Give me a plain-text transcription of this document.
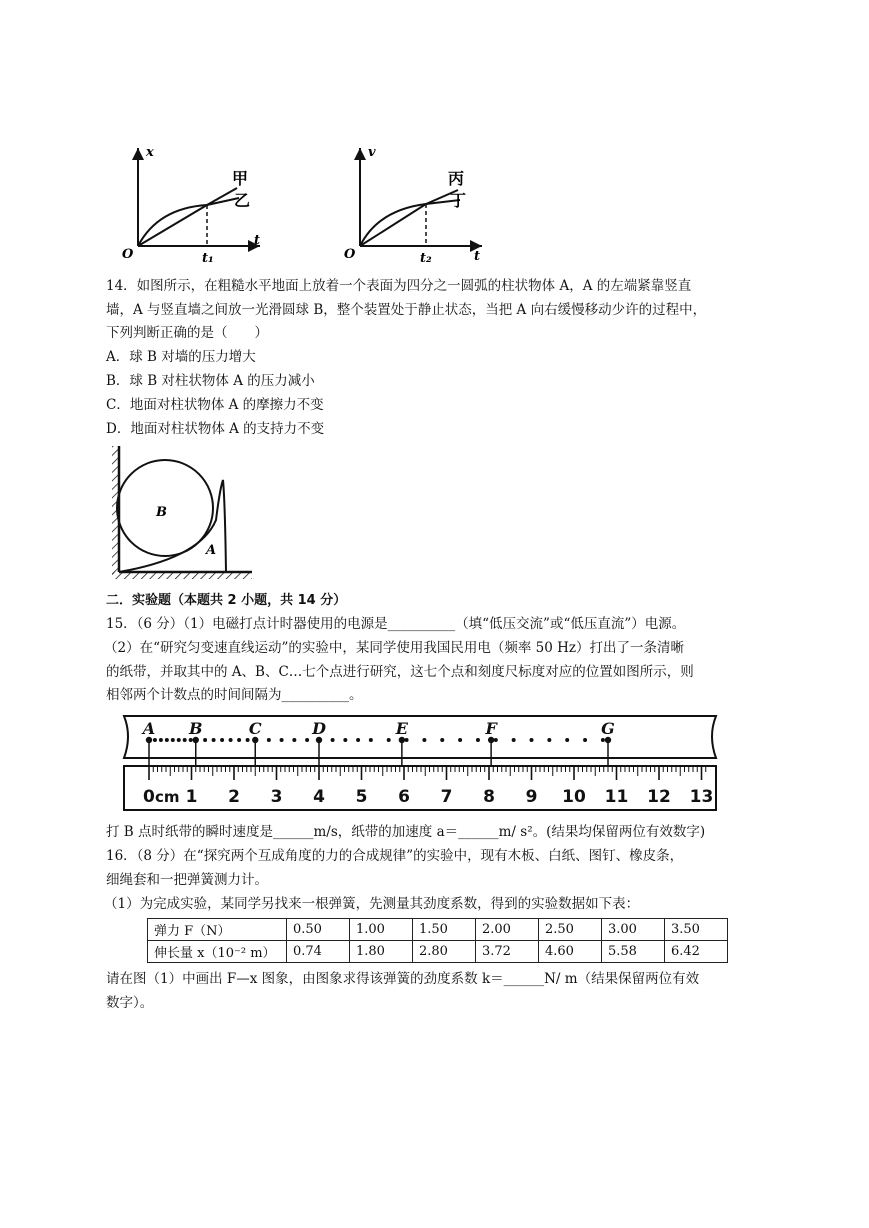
x
t
O	t₁
甲
乙
v
t
O	t₂
丙
丁
14．如图所示，在粗糙水平地面上放着一个表面为四分之一圆弧的柱状物体 A，A 的左端紧靠竖直
墙，A 与竖直墙之间放一光滑圆球 B，整个装置处于静止状态，当把 A 向右缓慢移动少许的过程中，
下列判断正确的是（　　）
A．球 B 对墙的压力增大
B．球 B 对柱状物体 A 的压力减小
C．地面对柱状物体 A 的摩擦力不变
D．地面对柱状物体 A 的支持力不变
B
A
二．实验题（本题共 2 小题，共 14 分）
15．（6 分）（1）电磁打点计时器使用的电源是__________（填“低压交流”或“低压直流”）电源。
（2）在“研究匀变速直线运动”的实验中，某同学使用我国民用电（频率 50 Hz）打出了一条清晰
的纸带，并取其中的 A、B、C…七个点进行研究，这七个点和刻度尺标度对应的位置如图所示，则
相邻两个计数点的时间间隔为__________。
0 1 2 3 4 5 6 7 8 9 10 11 12 13
cm
A B	C	D	E	F	G
打 B 点时纸带的瞬时速度是______m/s，纸带的加速度 a＝______m/ s²。(结果均保留两位有效数字)
16．（8 分）在“探究两个互成角度的力的合成规律”的实验中，现有木板、白纸、图钉、橡皮条，
细绳套和一把弹簧测力计。
（1）为完成实验，某同学另找来一根弹簧，先测量其劲度系数，得到的实验数据如下表：
弹力 F（N）	0.50	1.00	1.50	2.00	2.50	3.00	3.50
伸长量 x（10⁻² m）	0.74	1.80	2.80	3.72	4.60	5.58	6.42
请在图（1）中画出 F—x 图象，由图象求得该弹簧的劲度系数 k＝______N/ m（结果保留两位有效
数字）。
